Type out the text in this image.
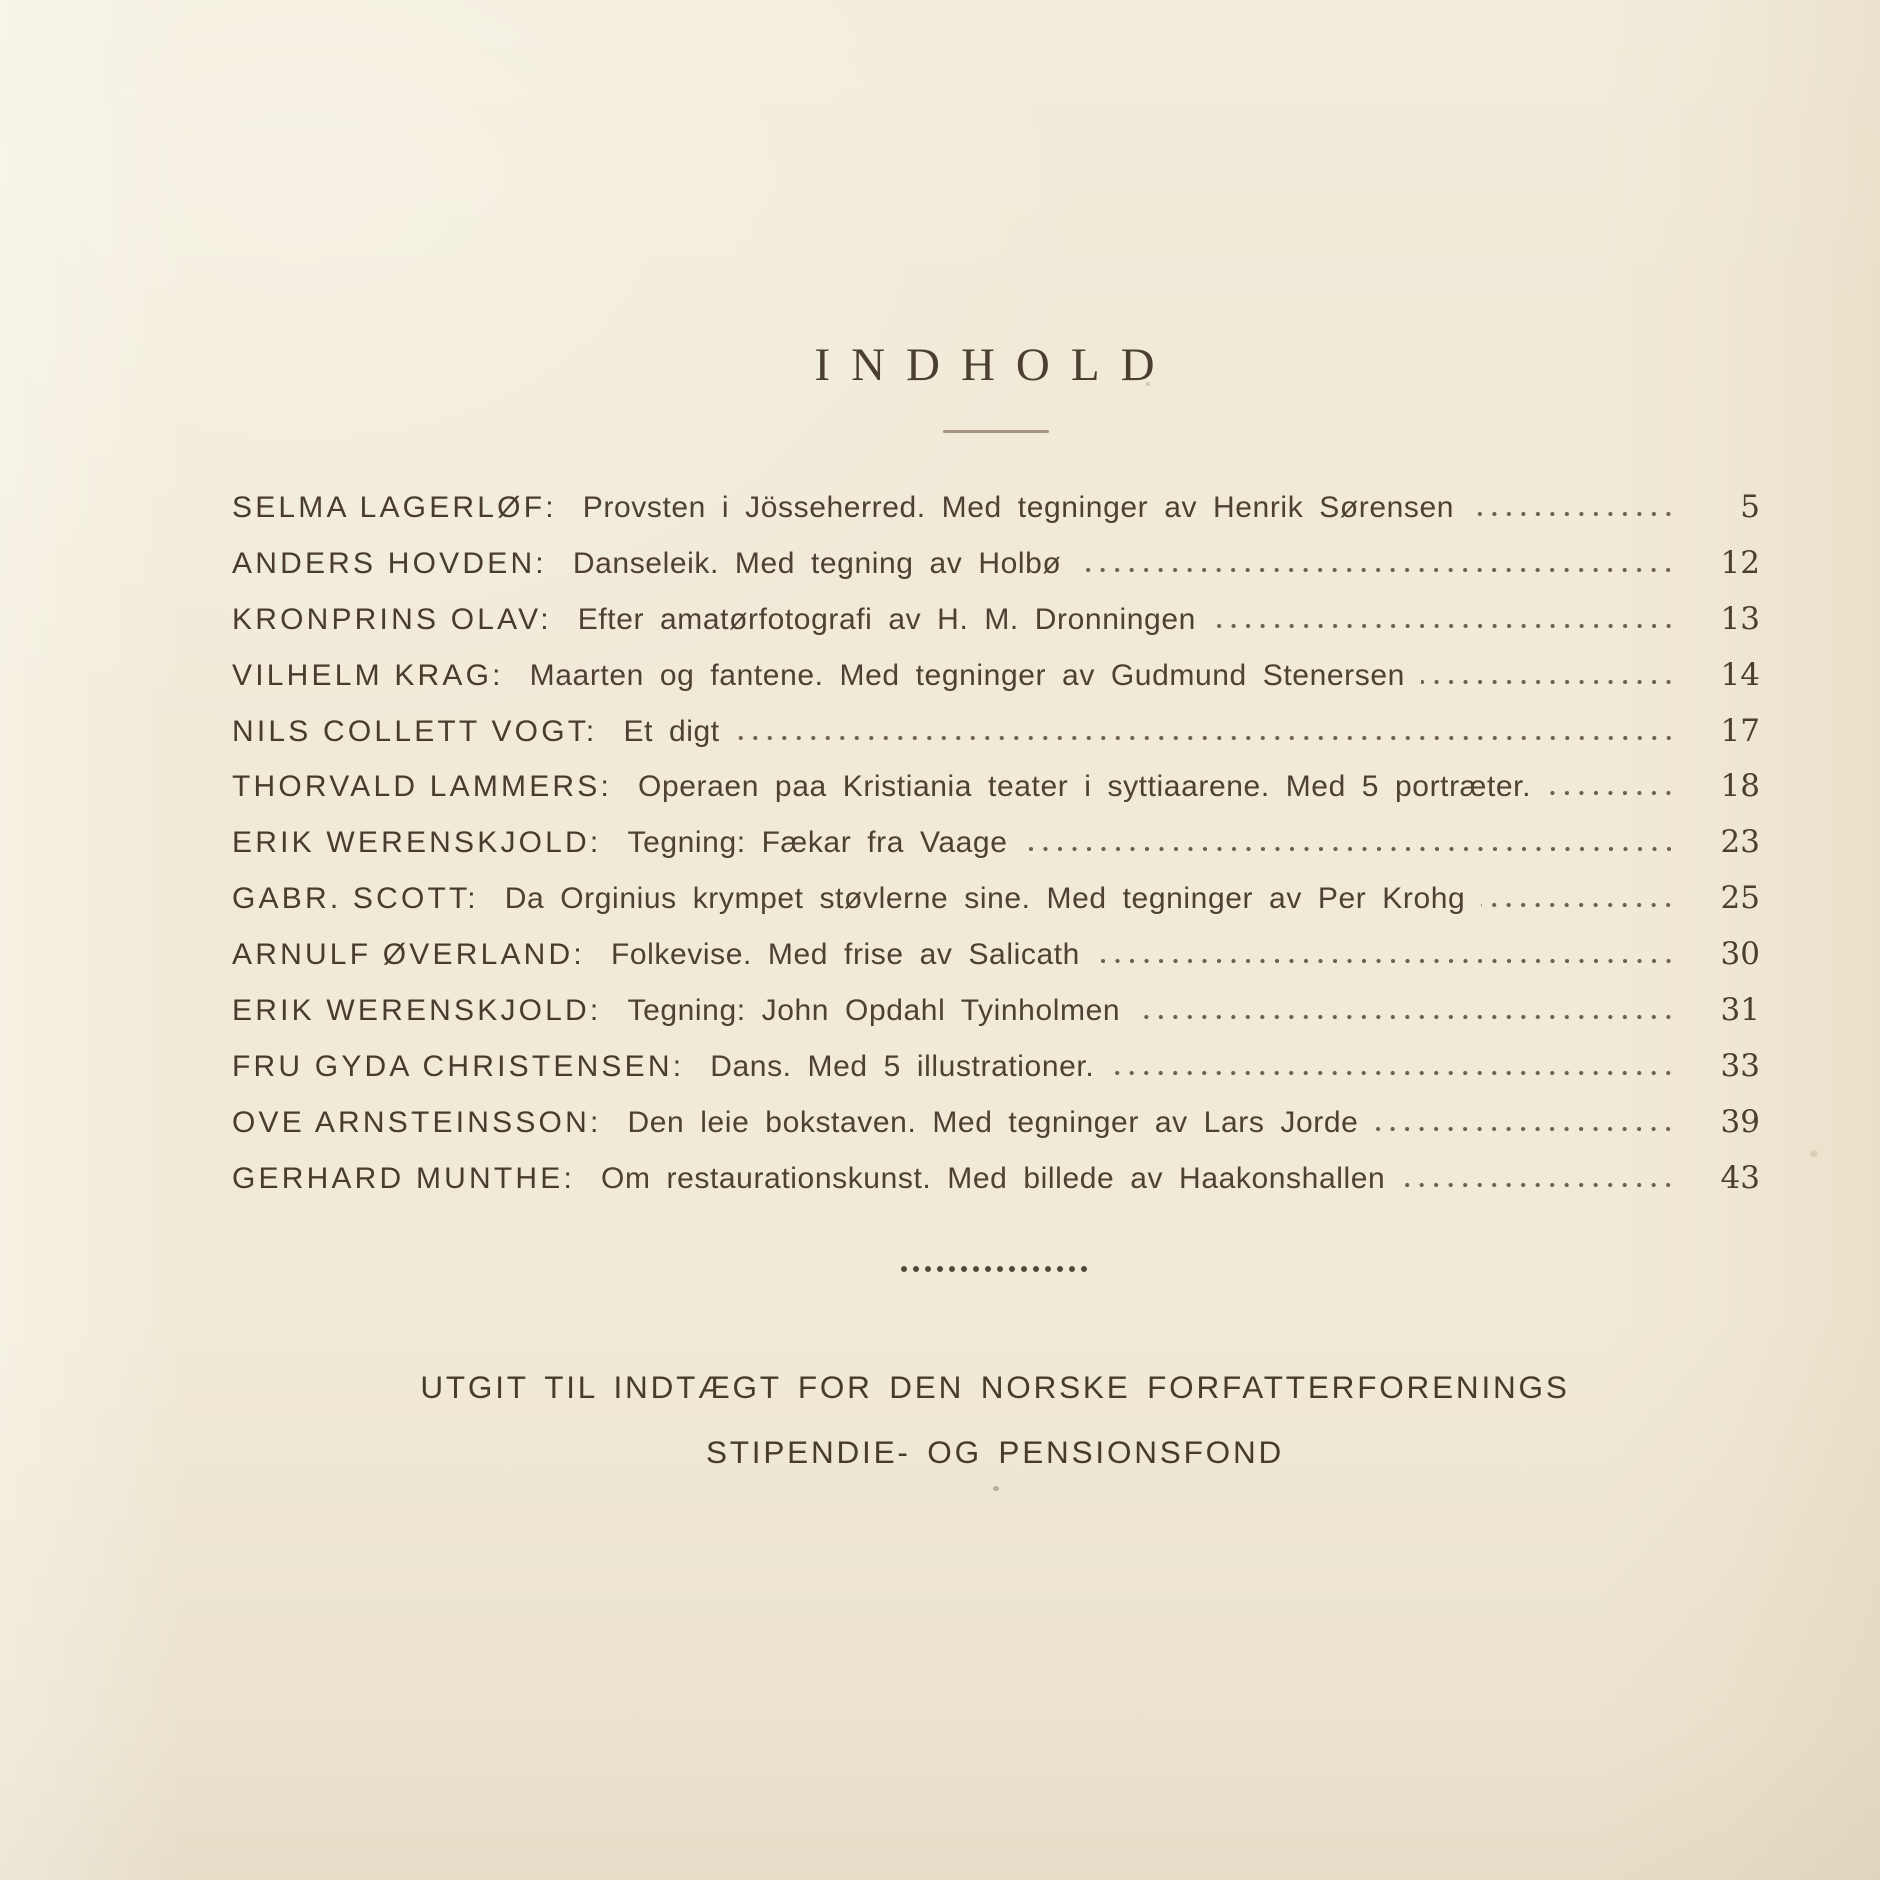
INDHOLD
SELMA LAGERLØF: Provsten i Jösseherred. Med tegninger av Henrik Sørensen	5
ANDERS HOVDEN: Danseleik. Med tegning av Holbø	12
KRONPRINS OLAV: Efter amatørfotografi av H. M. Dronningen	13
VILHELM KRAG: Maarten og fantene. Med tegninger av Gudmund Stenersen	14
NILS COLLETT VOGT: Et digt	17
THORVALD LAMMERS: Operaen paa Kristiania teater i syttiaarene. Med 5 portræter.	18
ERIK WERENSKJOLD: Tegning: Fækar fra Vaage	23
GABR. SCOTT: Da Orginius krympet støvlerne sine. Med tegninger av Per Krohg	25
ARNULF ØVERLAND: Folkevise. Med frise av Salicath	30
ERIK WERENSKJOLD: Tegning: John Opdahl Tyinholmen	31
FRU GYDA CHRISTENSEN: Dans. Med 5 illustrationer.	33
OVE ARNSTEINSSON: Den leie bokstaven. Med tegninger av Lars Jorde	39
GERHARD MUNTHE: Om restaurationskunst. Med billede av Haakonshallen	43
UTGIT TIL INDTÆGT FOR DEN NORSKE FORFATTERFORENINGS
STIPENDIE- OG PENSIONSFOND
